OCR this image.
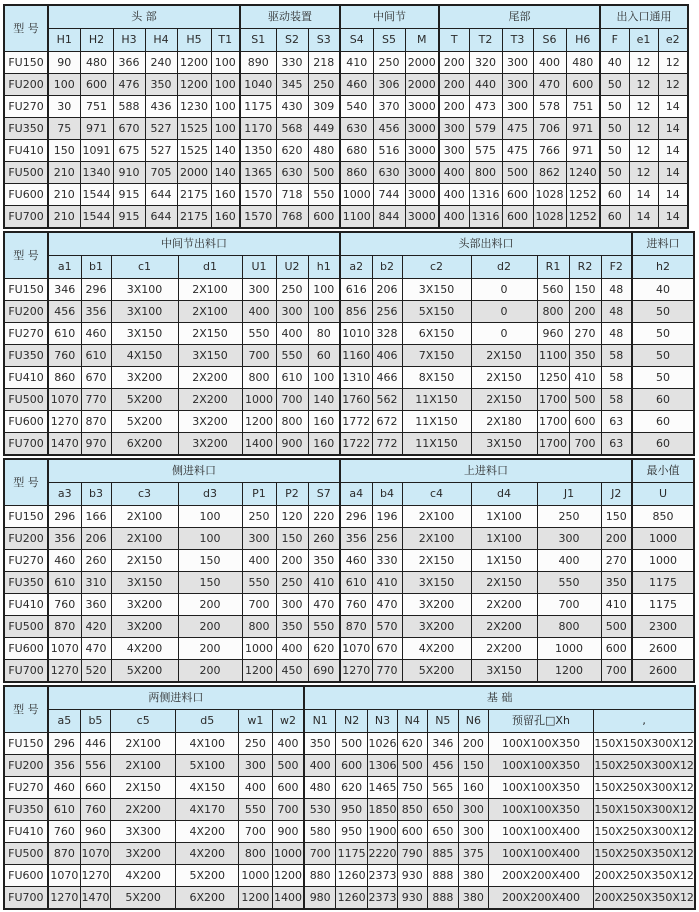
型 号	头 部						驱动装置			中间节			尾部					出入口通用		
	H1	H2	H3	H4	H5	T1	S1	S2	S3	S4	S5	M	T	T2	T3	S6	H6	F	e1	e2
FU150	90	480	366	240	1200	100	890	330	218	410	250	2000	200	320	300	400	480	40	12	12
FU200	100	600	476	350	1200	100	1040	345	250	460	306	2000	200	440	300	470	600	50	12	12
FU270	30	751	588	436	1230	100	1175	430	309	540	370	3000	200	473	300	578	751	50	12	14
FU350	75	971	670	527	1525	100	1170	568	449	630	456	3000	300	579	475	706	971	50	12	14
FU410	150	1091	675	527	1525	140	1350	620	480	680	516	3000	300	575	475	766	971	50	12	14
FU500	210	1340	910	705	2000	140	1365	630	500	860	630	3000	400	800	500	862	1240	50	12	14
FU600	210	1544	915	644	2175	160	1570	718	550	1000	744	3000	400	1316	600	1028	1252	60	14	14
FU700	210	1544	915	644	2175	160	1570	768	600	1100	844	3000	400	1316	600	1028	1252	60	14	14
型 号	中间节出料口							头部出料口							进料口
	a1	b1	c1	d1	U1	U2	h1	a2	b2	c2	d2	R1	R2	F2	h2
FU150	346	296	3X100	2X100	300	250	100	616	206	3X150	0	560	150	48	40
FU200	456	356	3X100	2X100	400	300	100	856	256	5X150	0	800	200	48	50
FU270	610	460	3X150	2X150	550	400	80	1010	328	6X150	0	960	270	48	50
FU350	760	610	4X150	3X150	700	550	60	1160	406	7X150	2X150	1100	350	58	50
FU410	860	670	3X200	2X200	800	610	100	1310	466	8X150	2X150	1250	410	58	50
FU500	1070	770	5X200	2X200	1000	700	140	1760	562	11X150	2X150	1700	500	58	60
FU600	1270	870	5X200	3X200	1200	800	160	1772	672	11X150	2X180	1700	600	63	60
FU700	1470	970	6X200	3X200	1400	900	160	1722	772	11X150	3X150	1700	700	63	60
型 号	侧进料口							上进料口						最小值
	a3	b3	c3	d3	P1	P2	S7	a4	b4	c4	d4	J1	J2	U
FU150	296	166	2X100	100	250	120	220	296	196	2X100	1X100	250	150	850
FU200	356	206	2X100	100	300	150	260	356	256	2X100	1X100	300	200	1000
FU270	460	260	2X150	150	400	200	350	460	330	2X150	1X150	400	270	1000
FU350	610	310	3X150	150	550	250	410	610	410	3X150	2X150	550	350	1175
FU410	760	360	3X200	200	700	300	470	760	470	3X200	2X200	700	410	1175
FU500	870	420	3X200	200	800	350	550	870	570	3X200	2X200	800	500	2300
FU600	1070	470	4X200	200	1000	400	620	1070	670	4X200	2X200	1000	600	2600
FU700	1270	520	5X200	200	1200	450	690	1270	770	5X200	3X150	1200	700	2600
型 号	两侧进料口						基 础							
	a5	b5	c5	d5	w1	w2	N1	N2	N3	N4	N5	N6	预留孔□Xh	,
FU150	296	446	2X100	4X100	250	400	350	500	1026	620	346	200	100X100X350	150X150X300X12
FU200	356	556	2X100	5X100	300	500	400	600	1306	500	456	150	100X100X350	150X250X300X12
FU270	460	660	2X150	4X150	400	600	480	620	1465	750	565	160	100X100X350	150X250X300X12
FU350	610	760	2X200	4X170	550	700	530	950	1850	850	650	300	100X100X350	150X150X300X12
FU410	760	960	3X300	4X200	700	900	580	950	1900	600	650	300	100X100X400	150X250X300X12
FU500	870	1070	3X200	4X200	800	1000	700	1175	2220	790	885	375	100X100X400	150X250X350X12
FU600	1070	1270	4X200	5X200	1000	1200	880	1260	2373	930	888	380	200X200X400	200X250X350X12
FU700	1270	1470	5X200	6X200	1200	1400	980	1260	2373	930	888	380	200X200X400	200X250X350X12
